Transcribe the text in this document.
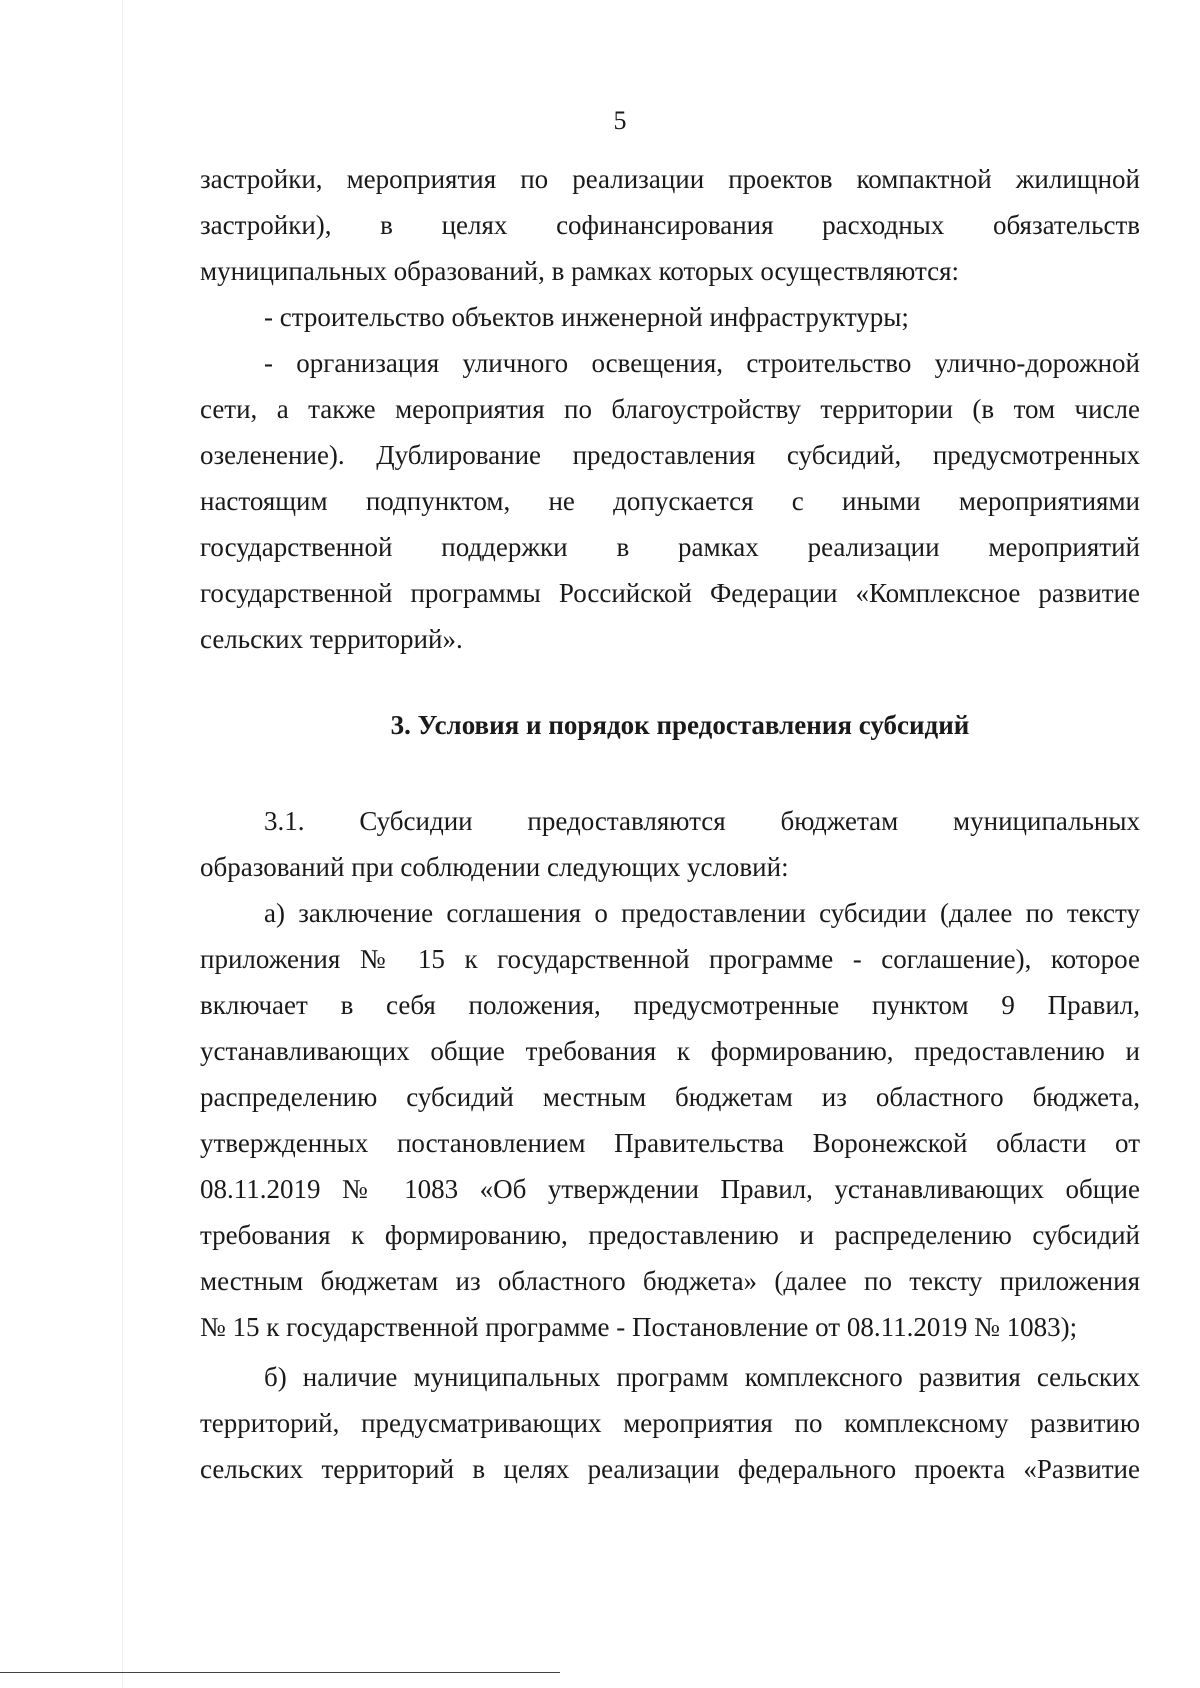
5
застройки, мероприятия по реализации проектов компактной жилищной
застройки), в целях софинансирования расходных обязательств
муниципальных образований, в рамках которых осуществляются:
- строительство объектов инженерной инфраструктуры;
- организация уличного освещения, строительство улично-дорожной
сети, а также мероприятия по благоустройству территории (в том числе
озеленение). Дублирование предоставления субсидий, предусмотренных
настоящим подпунктом, не допускается с иными мероприятиями
государственной поддержки в рамках реализации мероприятий
государственной программы Российской Федерации «Комплексное развитие
сельских территорий».
3. Условия и порядок предоставления субсидий
3.1. Субсидии предоставляются бюджетам муниципальных
образований при соблюдении следующих условий:
а) заключение соглашения о предоставлении субсидии (далее по тексту
приложения № 15 к государственной программе - соглашение), которое
включает в себя положения, предусмотренные пунктом 9 Правил,
устанавливающих общие требования к формированию, предоставлению и
распределению субсидий местным бюджетам из областного бюджета,
утвержденных постановлением Правительства Воронежской области от
08.11.2019 № 1083 «Об утверждении Правил, устанавливающих общие
требования к формированию, предоставлению и распределению субсидий
местным бюджетам из областного бюджета» (далее по тексту приложения
№ 15 к государственной программе - Постановление от 08.11.2019 № 1083);
б) наличие муниципальных программ комплексного развития сельских
территорий, предусматривающих мероприятия по комплексному развитию
сельских территорий в целях реализации федерального проекта «Развитие
